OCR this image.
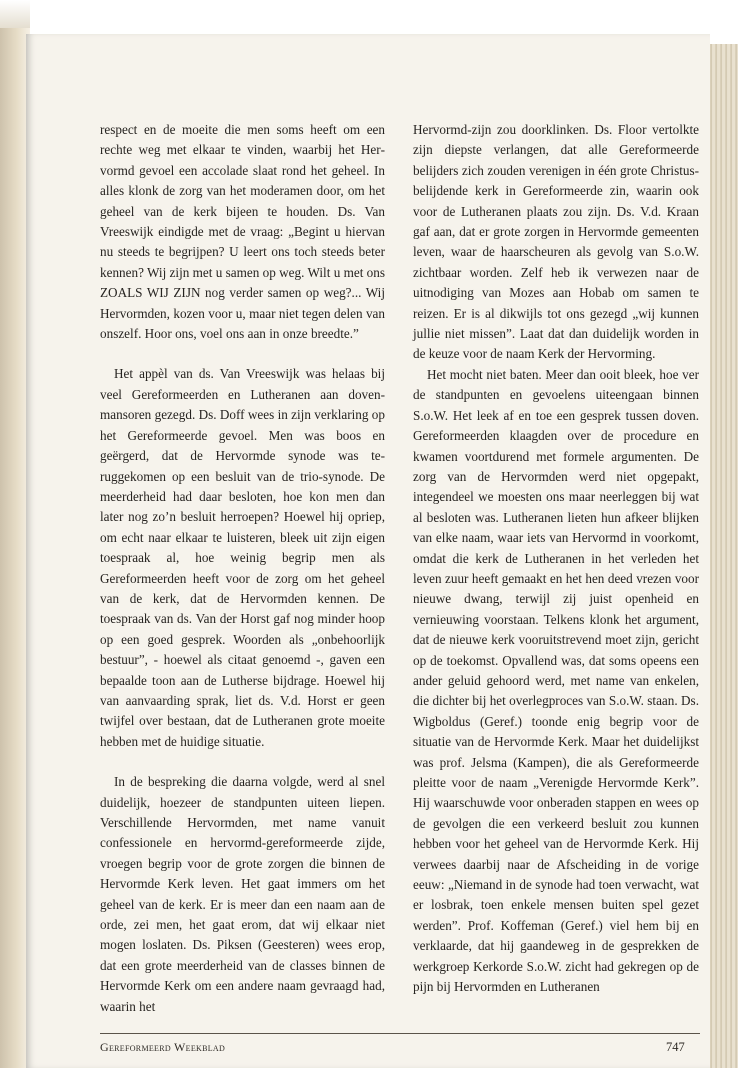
respect en de moeite die men soms heeft om een rechte weg met elkaar te vinden, waarbij het Hervormd gevoel een accolade slaat rond het geheel. In alles klonk de zorg van het moderamen door, om het geheel van de kerk bijeen te houden. Ds. Van Vreeswijk eindigde met de vraag: „Begint u hiervan nu steeds te begrijpen? U leert ons toch steeds beter kennen? Wij zijn met u samen op weg. Wilt u met ons ZOALS WIJ ZIJN nog verder samen op weg?... Wij Hervormden, kozen voor u, maar niet tegen delen van onszelf. Hoor ons, voel ons aan in onze breedte.”

Het appèl van ds. Van Vreeswijk was helaas bij veel Gereformeerden en Lutheranen aan dovenmansoren gezegd. Ds. Doff wees in zijn verklaring op het Gereformeerde gevoel. Men was boos en geërgerd, dat de Hervormde synode was teruggekomen op een besluit van de trio-synode. De meerderheid had daar besloten, hoe kon men dan later nog zo’n besluit herroepen? Hoewel hij opriep, om echt naar elkaar te luisteren, bleek uit zijn eigen toespraak al, hoe weinig begrip men als Gereformeerden heeft voor de zorg om het geheel van de kerk, dat de Hervormden kennen. De toespraak van ds. Van der Horst gaf nog minder hoop op een goed gesprek. Woorden als „onbehoorlijk bestuur”, - hoewel als citaat genoemd -, gaven een bepaalde toon aan de Lutherse bijdrage. Hoewel hij van aanvaarding sprak, liet ds. V.d. Horst er geen twijfel over bestaan, dat de Lutheranen grote moeite hebben met de huidige situatie.

In de bespreking die daarna volgde, werd al snel duidelijk, hoezeer de standpunten uiteen liepen. Verschillende Hervormden, met name vanuit confessionele en hervormd-gereformeerde zijde, vroegen begrip voor de grote zorgen die binnen de Hervormde Kerk leven. Het gaat immers om het geheel van de kerk. Er is meer dan een naam aan de orde, zei men, het gaat erom, dat wij elkaar niet mogen loslaten. Ds. Piksen (Geesteren) wees erop, dat een grote meerderheid van de classes binnen de Hervormde Kerk om een andere naam gevraagd had, waarin het

Hervormd-zijn zou doorklinken. Ds. Floor vertolkte zijn diepste verlangen, dat alle Gereformeerde belijders zich zouden verenigen in één grote Christus-belijdende kerk in Gereformeerde zin, waarin ook voor de Lutheranen plaats zou zijn. Ds. V.d. Kraan gaf aan, dat er grote zorgen in Hervormde gemeenten leven, waar de haarscheuren als gevolg van S.o.W. zichtbaar worden. Zelf heb ik verwezen naar de uitnodiging van Mozes aan Hobab om samen te reizen. Er is al dikwijls tot ons gezegd „wij kunnen jullie niet missen”. Laat dat dan duidelijk worden in de keuze voor de naam Kerk der Hervorming.

Het mocht niet baten. Meer dan ooit bleek, hoe ver de standpunten en gevoelens uiteengaan binnen S.o.W. Het leek af en toe een gesprek tussen doven. Gereformeerden klaagden over de procedure en kwamen voortdurend met formele argumenten. De zorg van de Hervormden werd niet opgepakt, integendeel we moesten ons maar neerleggen bij wat al besloten was. Lutheranen lieten hun afkeer blijken van elke naam, waar iets van Hervormd in voorkomt, omdat die kerk de Lutheranen in het verleden het leven zuur heeft gemaakt en het hen deed vrezen voor nieuwe dwang, terwijl zij juist openheid en vernieuwing voorstaan. Telkens klonk het argument, dat de nieuwe kerk vooruitstrevend moet zijn, gericht op de toekomst. Opvallend was, dat soms opeens een ander geluid gehoord werd, met name van enkelen, die dichter bij het overlegproces van S.o.W. staan. Ds. Wigboldus (Geref.) toonde enig begrip voor de situatie van de Hervormde Kerk. Maar het duidelijkst was prof. Jelsma (Kampen), die als Gereformeerde pleitte voor de naam „Verenigde Hervormde Kerk”. Hij waarschuwde voor onberaden stappen en wees op de gevolgen die een verkeerd besluit zou kunnen hebben voor het geheel van de Hervormde Kerk. Hij verwees daarbij naar de Afscheiding in de vorige eeuw: „Niemand in de synode had toen verwacht, wat er losbrak, toen enkele mensen buiten spel gezet werden”. Prof. Koffeman (Geref.) viel hem bij en verklaarde, dat hij gaandeweg in de gesprekken de werkgroep Kerkorde S.o.W. zicht had gekregen op de pijn bij Hervormden en Lutheranen

Gereformeerd Weekblad	747
